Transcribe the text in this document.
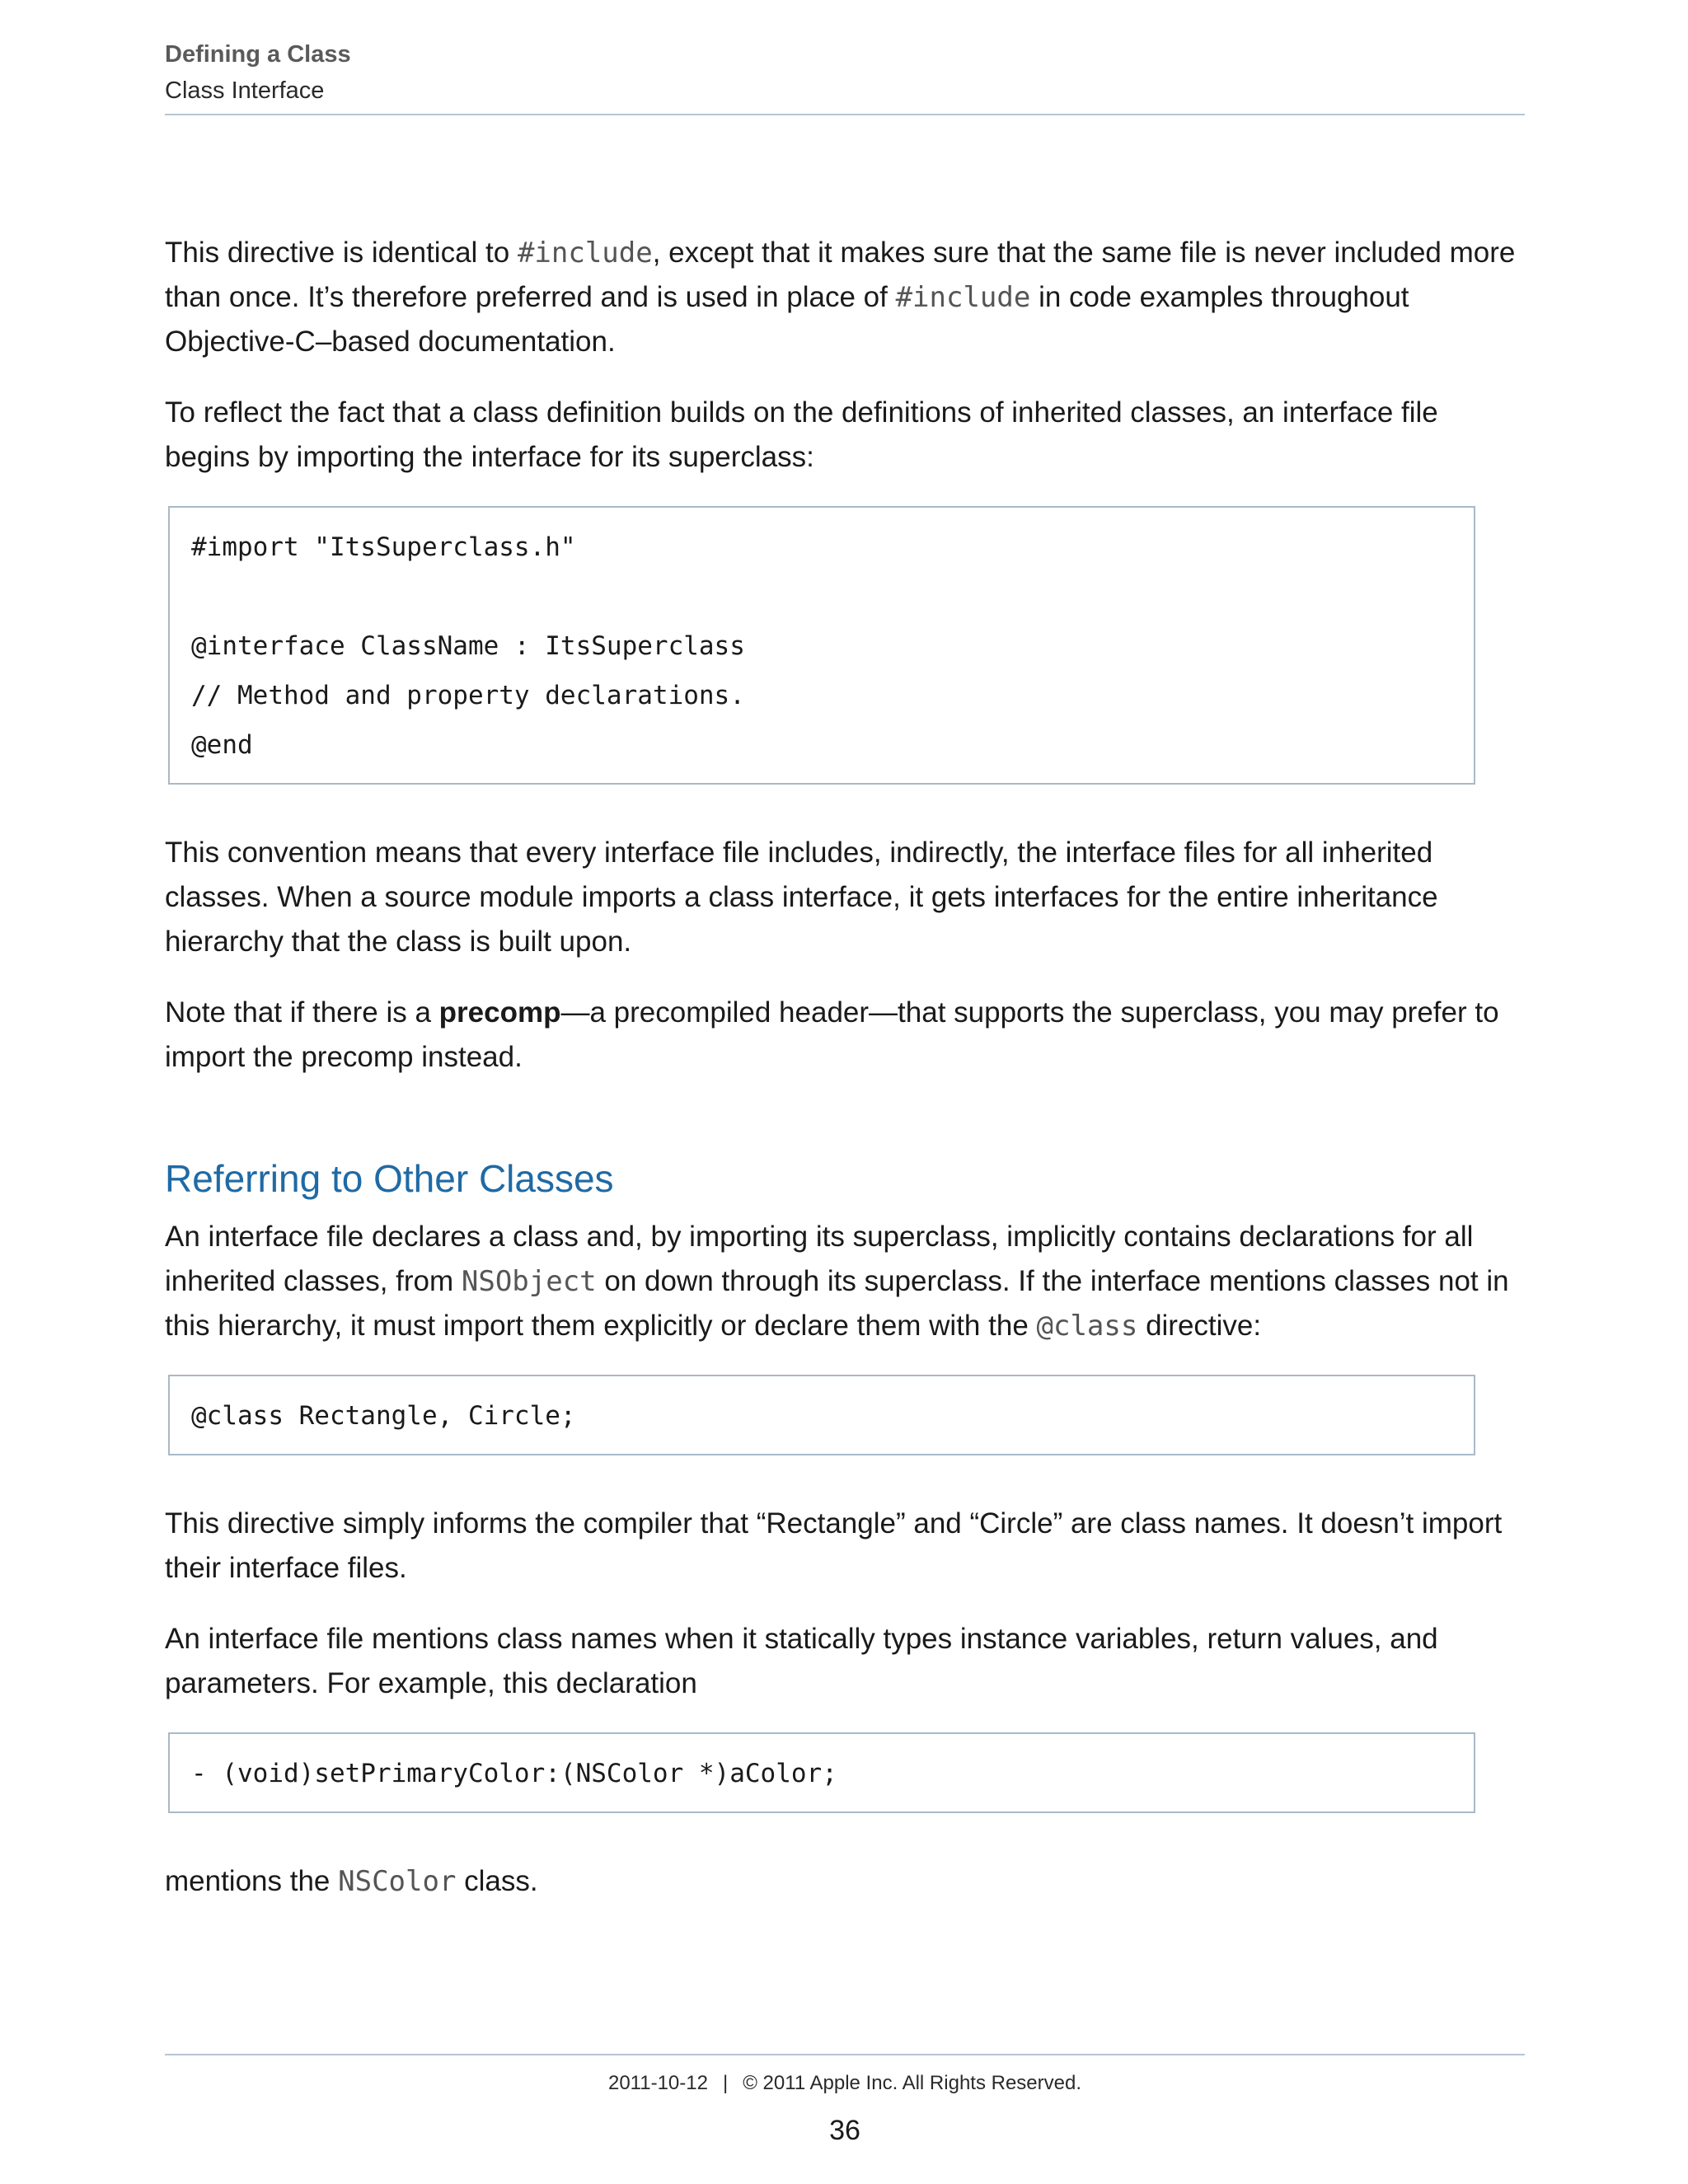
Defining a Class
Class Interface

This directive is identical to #include, except that it makes sure that the same file is never included more than once. It’s therefore preferred and is used in place of #include in code examples throughout Objective-C–based documentation.

To reflect the fact that a class definition builds on the definitions of inherited classes, an interface file begins by importing the interface for its superclass:

#import "ItsSuperclass.h"
@interface ClassName : ItsSuperclass
// Method and property declarations.
@end

This convention means that every interface file includes, indirectly, the interface files for all inherited classes. When a source module imports a class interface, it gets interfaces for the entire inheritance hierarchy that the class is built upon.

Note that if there is a precomp—a precompiled header—that supports the superclass, you may prefer to import the precomp instead.

Referring to Other Classes

An interface file declares a class and, by importing its superclass, implicitly contains declarations for all inherited classes, from NSObject on down through its superclass. If the interface mentions classes not in this hierarchy, it must import them explicitly or declare them with the @class directive:

@class Rectangle, Circle;

This directive simply informs the compiler that “Rectangle” and “Circle” are class names. It doesn’t import their interface files.

An interface file mentions class names when it statically types instance variables, return values, and parameters. For example, this declaration

- (void)setPrimaryColor:(NSColor *)aColor;

mentions the NSColor class.

2011-10-12 | © 2011 Apple Inc. All Rights Reserved.
36
